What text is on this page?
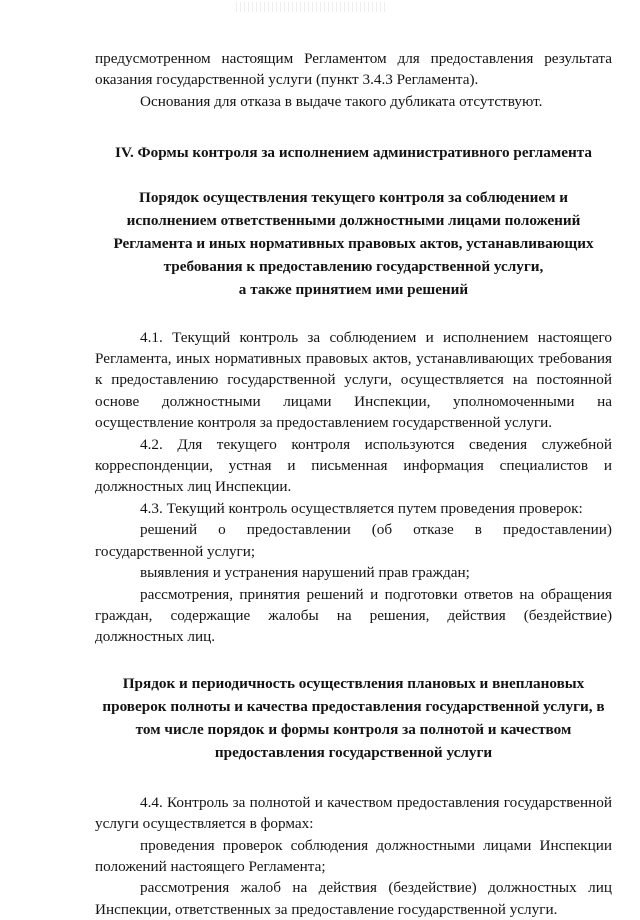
предусмотренном настоящим Регламентом для предоставления результата оказания государственной услуги (пункт 3.4.3 Регламента).

Основания для отказа в выдаче такого дубликата отсутствуют.

IV. Формы контроля за исполнением административного регламента
Порядок осуществления текущего контроля за соблюдением и
исполнением ответственными должностными лицами положений
Регламента и иных нормативных правовых актов, устанавливающих
требования к предоставлению государственной услуги,
а также принятием ими решений

4.1. Текущий контроль за соблюдением и исполнением настоящего Регламента, иных нормативных правовых актов, устанавливающих требования к предоставлению государственной услуги, осуществляется на постоянной основе должностными лицами Инспекции, уполномоченными на осуществление контроля за предоставлением государственной услуги.

4.2. Для текущего контроля используются сведения служебной корреспонденции, устная и письменная информация специалистов и должностных лиц Инспекции.

4.3. Текущий контроль осуществляется путем проведения проверок:

решений о предоставлении (об отказе в предоставлении) государственной услуги;

выявления и устранения нарушений прав граждан;

рассмотрения, принятия решений и подготовки ответов на обращения граждан, содержащие жалобы на решения, действия (бездействие) должностных лиц.

Прядок и периодичность осуществления плановых и внеплановых
проверок полноты и качества предоставления государственной услуги, в
том числе порядок и формы контроля за полнотой и качеством
предоставления государственной услуги

4.4. Контроль за полнотой и качеством предоставления государственной услуги осуществляется в формах:

проведения проверок соблюдения должностными лицами Инспекции положений настоящего Регламента;

рассмотрения жалоб на действия (бездействие) должностных лиц Инспекции, ответственных за предоставление государственной услуги.
